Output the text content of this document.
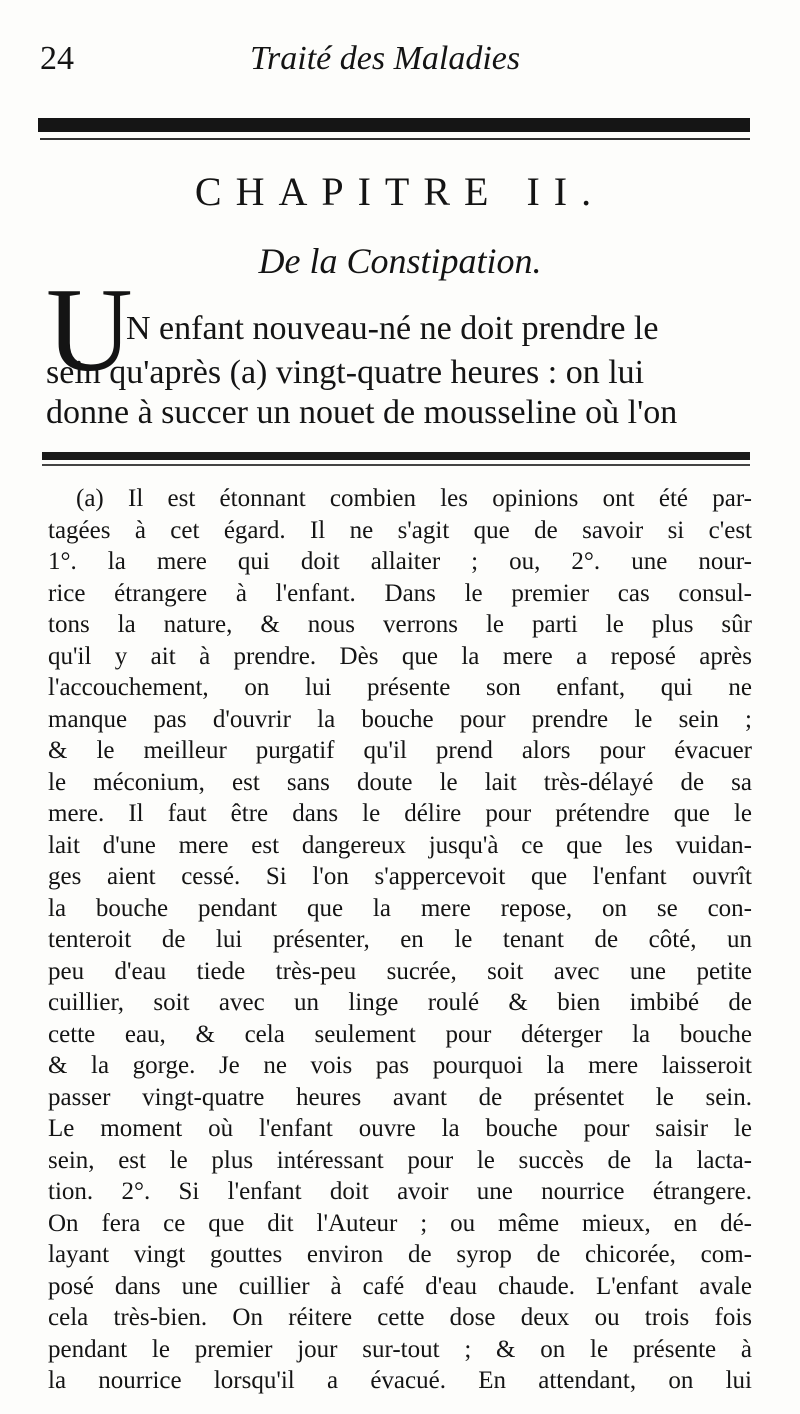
24	Traité des Maladies
CHAPITRE II.
De la Constipation.
U
N enfant nouveau-né ne doit prendre le
sein qu'après (a) vingt-quatre heures : on lui
donne à succer un nouet de mousseline où l'on
(a) Il est étonnant combien les opinions ont été par-
tagées à cet égard. Il ne s'agit que de savoir si c'est
1°. la mere qui doit allaiter ; ou, 2°. une nour-
rice étrangere à l'enfant. Dans le premier cas consul-
tons la nature, & nous verrons le parti le plus sûr
qu'il y ait à prendre. Dès que la mere a reposé après
l'accouchement, on lui présente son enfant, qui ne
manque pas d'ouvrir la bouche pour prendre le sein ;
& le meilleur purgatif qu'il prend alors pour évacuer
le méconium, est sans doute le lait très-délayé de sa
mere. Il faut être dans le délire pour prétendre que le
lait d'une mere est dangereux jusqu'à ce que les vuidan-
ges aient cessé. Si l'on s'appercevoit que l'enfant ouvrît
la bouche pendant que la mere repose, on se con-
tenteroit de lui présenter, en le tenant de côté, un
peu d'eau tiede très-peu sucrée, soit avec une petite
cuillier, soit avec un linge roulé & bien imbibé de
cette eau, & cela seulement pour déterger la bouche
& la gorge. Je ne vois pas pourquoi la mere laisseroit
passer vingt-quatre heures avant de présentet le sein.
Le moment où l'enfant ouvre la bouche pour saisir le
sein, est le plus intéressant pour le succès de la lacta-
tion. 2°. Si l'enfant doit avoir une nourrice étrangere.
On fera ce que dit l'Auteur ; ou même mieux, en dé-
layant vingt gouttes environ de syrop de chicorée, com-
posé dans une cuillier à café d'eau chaude. L'enfant avale
cela très-bien. On réitere cette dose deux ou trois fois
pendant le premier jour sur-tout ; & on le présente à
la nourrice lorsqu'il a évacué. En attendant, on lui
